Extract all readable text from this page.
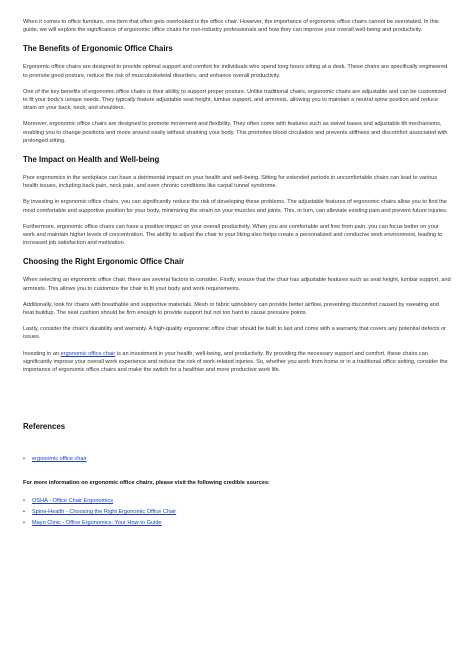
When it comes to office furniture, one item that often gets overlooked is the office chair. However, the importance of ergonomic office chairs cannot be overstated. In this guide, we will explore the significance of ergonomic office chairs for non-industry professionals and how they can improve your overall well-being and productivity.

The Benefits of Ergonomic Office Chairs

Ergonomic office chairs are designed to provide optimal support and comfort for individuals who spend long hours sitting at a desk. These chairs are specifically engineered to promote good posture, reduce the risk of musculoskeletal disorders, and enhance overall productivity.

One of the key benefits of ergonomic office chairs is their ability to support proper posture. Unlike traditional chairs, ergonomic chairs are adjustable and can be customized to fit your body's unique needs. They typically feature adjustable seat height, lumbar support, and armrests, allowing you to maintain a neutral spine position and reduce strain on your back, neck, and shoulders.

Moreover, ergonomic office chairs are designed to promote movement and flexibility. They often come with features such as swivel bases and adjustable tilt mechanisms, enabling you to change positions and move around easily without straining your body. This promotes blood circulation and prevents stiffness and discomfort associated with prolonged sitting.

The Impact on Health and Well-being

Poor ergonomics in the workplace can have a detrimental impact on your health and well-being. Sitting for extended periods in uncomfortable chairs can lead to various health issues, including back pain, neck pain, and even chronic conditions like carpal tunnel syndrome.

By investing in ergonomic office chairs, you can significantly reduce the risk of developing these problems. The adjustable features of ergonomic chairs allow you to find the most comfortable and supportive position for your body, minimizing the strain on your muscles and joints. This, in turn, can alleviate existing pain and prevent future injuries.

Furthermore, ergonomic office chairs can have a positive impact on your overall productivity. When you are comfortable and free from pain, you can focus better on your work and maintain higher levels of concentration. The ability to adjust the chair to your liking also helps create a personalized and conducive work environment, leading to increased job satisfaction and motivation.

Choosing the Right Ergonomic Office Chair

When selecting an ergonomic office chair, there are several factors to consider. Firstly, ensure that the chair has adjustable features such as seat height, lumbar support, and armrests. This allows you to customize the chair to fit your body and work requirements.

Additionally, look for chairs with breathable and supportive materials. Mesh or fabric upholstery can provide better airflow, preventing discomfort caused by sweating and heat buildup. The seat cushion should be firm enough to provide support but not too hard to cause pressure points.

Lastly, consider the chair's durability and warranty. A high-quality ergonomic office chair should be built to last and come with a warranty that covers any potential defects or issues.

Investing in an ergonomic office chair is an investment in your health, well-being, and productivity. By providing the necessary support and comfort, these chairs can significantly improve your overall work experience and reduce the risk of work-related injuries. So, whether you work from home or in a traditional office setting, consider the importance of ergonomic office chairs and make the switch for a healthier and more productive work life.

References
• ergonomic office chair

For more information on ergonomic office chairs, please visit the following credible sources:

• OSHA - Office Chair Ergonomics
• Spine-Health - Choosing the Right Ergonomic Office Chair
• Mayo Clinic - Office Ergonomics: Your How-to Guide
